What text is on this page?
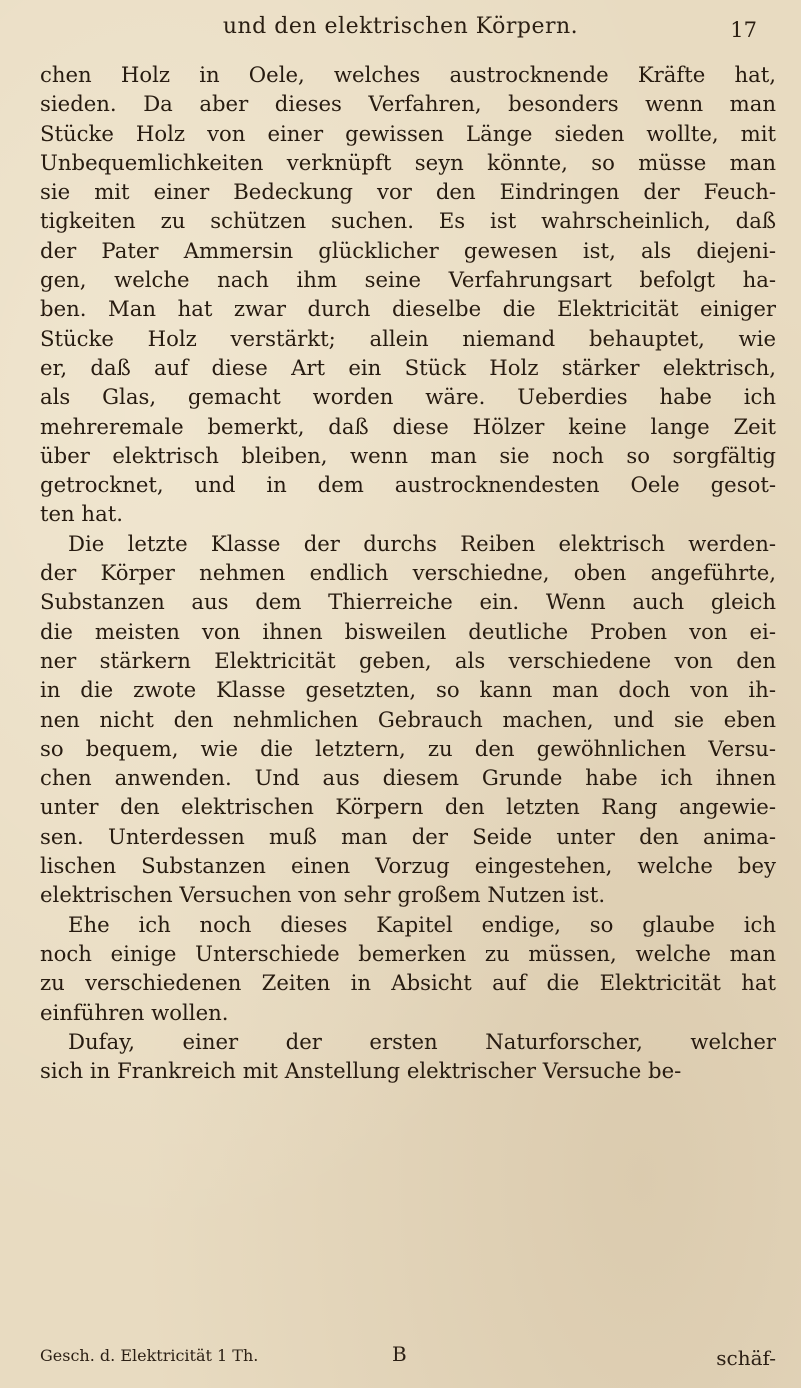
und den elektrischen Körpern.	17
chen Holz in Oele, welches austrocknende Kräfte hat,
sieden. Da aber dieses Verfahren, besonders wenn man
Stücke Holz von einer gewissen Länge sieden wollte, mit
Unbequemlichkeiten verknüpft seyn könnte, so müsse man
sie mit einer Bedeckung vor den Eindringen der Feuch-
tigkeiten zu schützen suchen. Es ist wahrscheinlich, daß
der Pater Ammersin glücklicher gewesen ist, als diejeni-
gen, welche nach ihm seine Verfahrungsart befolgt ha-
ben. Man hat zwar durch dieselbe die Elektricität einiger
Stücke Holz verstärkt; allein niemand behauptet, wie
er, daß auf diese Art ein Stück Holz stärker elektrisch,
als Glas, gemacht worden wäre. Ueberdies habe ich
mehreremale bemerkt, daß diese Hölzer keine lange Zeit
über elektrisch bleiben, wenn man sie noch so sorgfältig
getrocknet, und in dem austrocknendesten Oele gesot-
ten hat.
Die letzte Klasse der durchs Reiben elektrisch werden-
der Körper nehmen endlich verschiedne, oben angeführte,
Substanzen aus dem Thierreiche ein. Wenn auch gleich
die meisten von ihnen bisweilen deutliche Proben von ei-
ner stärkern Elektricität geben, als verschiedene von den
in die zwote Klasse gesetzten, so kann man doch von ih-
nen nicht den nehmlichen Gebrauch machen, und sie eben
so bequem, wie die letztern, zu den gewöhnlichen Versu-
chen anwenden. Und aus diesem Grunde habe ich ihnen
unter den elektrischen Körpern den letzten Rang angewie-
sen. Unterdessen muß man der Seide unter den anima-
lischen Substanzen einen Vorzug eingestehen, welche bey
elektrischen Versuchen von sehr großem Nutzen ist.
Ehe ich noch dieses Kapitel endige, so glaube ich
noch einige Unterschiede bemerken zu müssen, welche man
zu verschiedenen Zeiten in Absicht auf die Elektricität hat
einführen wollen.
Dufay, einer der ersten Naturforscher, welcher
sich in Frankreich mit Anstellung elektrischer Versuche be-
Gesch. d. Elektricität 1 Th.	B	schäf-
